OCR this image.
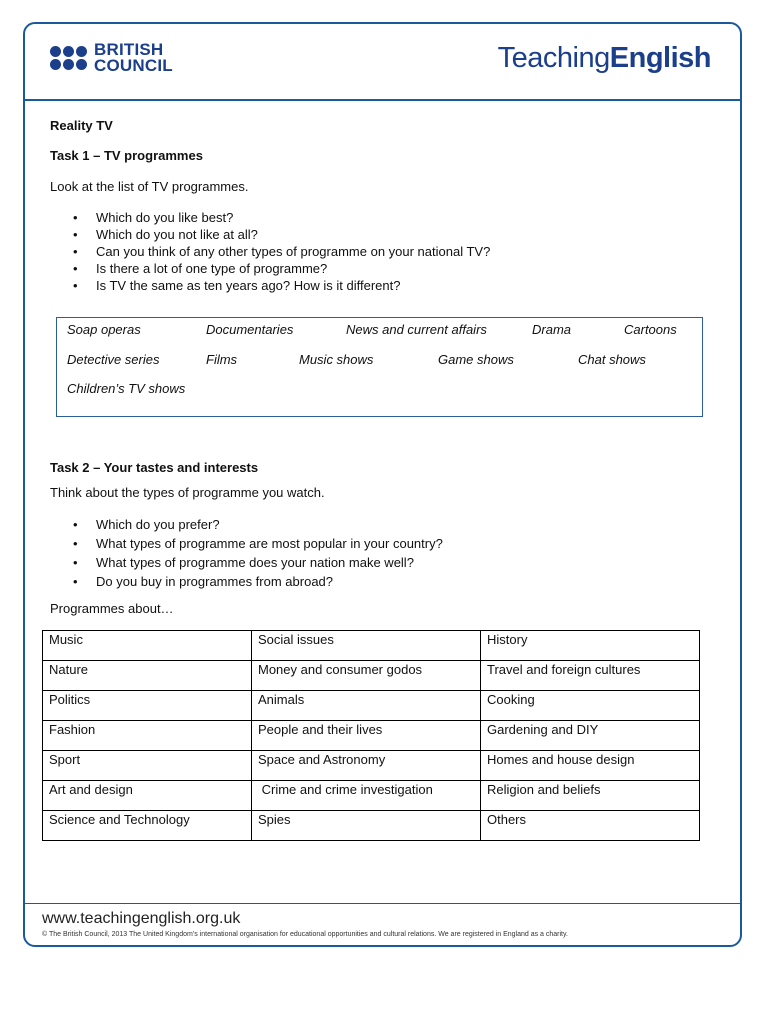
BRITISH
COUNCIL	TeachingEnglish
Reality TV
Task 1 – TV programmes
Look at the list of TV programmes.
• Which do you like best?
• Which do you not like at all?
• Can you think of any other types of programme on your national TV?
• Is there a lot of one type of programme?
• Is TV the same as ten years ago? How is it different?
Soap operas	Documentaries	News and current affairs	Drama	Cartoons
Detective series	Films	Music shows	Game shows	Chat shows
Children’s TV shows
Task 2 – Your tastes and interests
Think about the types of programme you watch.
• Which do you prefer?
• What types of programme are most popular in your country?
• What types of programme does your nation make well?
• Do you buy in programmes from abroad?
Programmes about…
Music	Social issues	History
Nature	Money and consumer godos	Travel and foreign cultures
Politics	Animals	Cooking
Fashion	People and their lives	Gardening and DIY
Sport	Space and Astronomy	Homes and house design
Art and design	Crime and crime investigation	Religion and beliefs
Science and Technology	Spies	Others
www.teachingenglish.org.uk
© The British Council, 2013 The United Kingdom’s international organisation for educational opportunities and cultural relations. We are registered in England as a charity.
